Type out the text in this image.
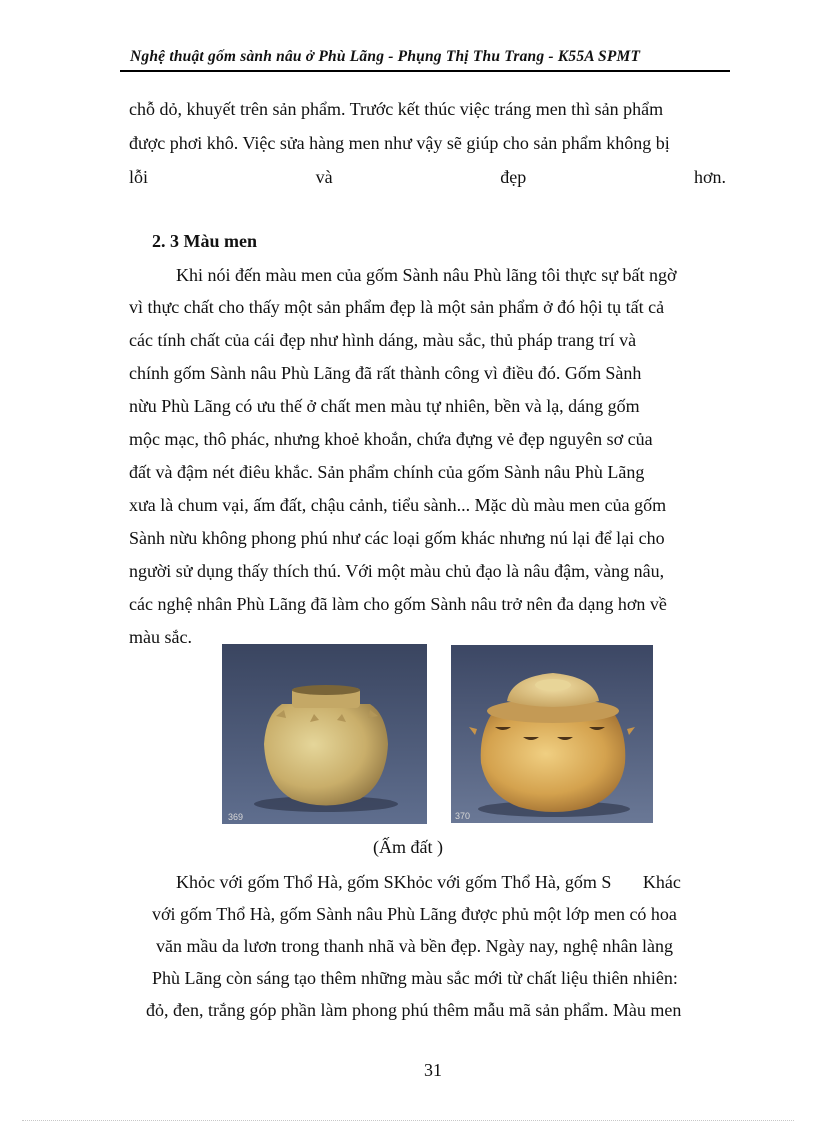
Nghệ thuật gốm sành nâu ở Phù Lãng - Phụng Thị Thu Trang - K55A SPMT
chỗ dỏ, khuyết trên sản phẩm. Trước kết thúc việc tráng men thì sản phẩm
được phơi khô. Việc sửa hàng men như vậy sẽ giúp cho sản phẩm không bị
lỗi	và	đẹp	hơn.
2. 3 Màu men
Khi nói đến màu men của gốm Sành nâu Phù lãng tôi thực sự bất ngờ
vì thực chất cho thấy một sản phẩm đẹp là một sản phẩm ở đó hội tụ tất cả
các tính chất của cái đẹp như hình dáng, màu sắc, thủ pháp trang trí và
chính gốm Sành nâu Phù Lãng đã rất thành công vì điều đó. Gốm Sành
nừu Phù Lãng có ưu thế ở chất men màu tự nhiên, bền và lạ, dáng gốm
mộc mạc, thô phác, nhưng khoẻ khoắn, chứa đựng vẻ đẹp nguyên sơ của
đất và đậm nét điêu khắc. Sản phẩm chính của gốm Sành nâu Phù Lãng
xưa là chum vại, ấm đất, chậu cảnh, tiểu sành... Mặc dù màu men của gốm
Sành nừu không phong phú như các loại gốm khác nhưng nú lại để lại cho
người sử dụng thấy thích thú. Với một màu chủ đạo là nâu đậm, vàng nâu,
các nghệ nhân Phù Lãng đã làm cho gốm Sành nâu trở nên đa dạng hơn về
màu sắc.
369	370
(Ấm đất )
Khỏc với gốm Thổ Hà, gốm SKhỏc với gốm Thổ Hà, gốm S       Khác
với gốm Thổ Hà, gốm Sành nâu Phù Lãng được phủ một lớp men có hoa
văn mầu da lươn trong thanh nhã và bền đẹp. Ngày nay, nghệ nhân làng
Phù Lãng còn sáng tạo thêm những màu sắc mới từ chất liệu thiên nhiên:
đỏ, đen, trắng góp phần làm phong phú thêm mẫu mã sản phẩm. Màu men
31
